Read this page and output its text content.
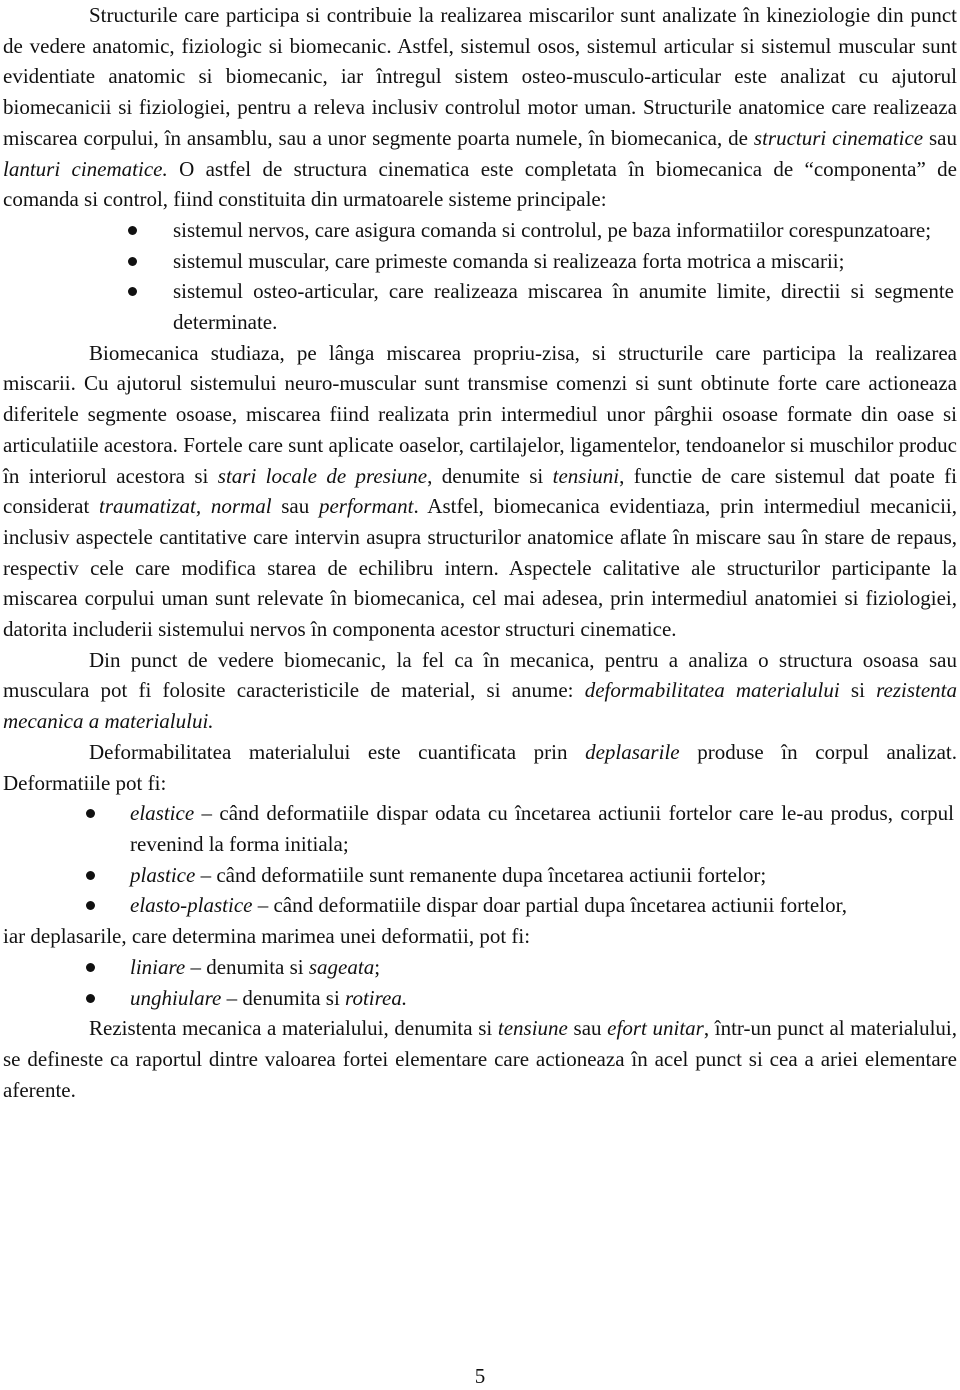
Structurile care participa si contribuie la realizarea miscarilor sunt analizate în kineziologie din punct de vedere anatomic, fiziologic si biomecanic. Astfel, sistemul osos, sistemul articular si sistemul muscular sunt evidentiate anatomic si biomecanic, iar întregul sistem osteo-musculo-articular este analizat cu ajutorul biomecanicii si fiziologiei, pentru a releva inclusiv controlul motor uman. Structurile anatomice care realizeaza miscarea corpului, în ansamblu, sau a unor segmente poarta numele, în biomecanica, de structuri cinematice sau lanturi cinematice. O astfel de structura cinematica este completata în biomecanica de “componenta” de comanda si control, fiind constituita din urmatoarele sisteme principale:

sistemul nervos, care asigura comanda si controlul, pe baza informatiilor corespunzatoare;
sistemul muscular, care primeste comanda si realizeaza forta motrica a miscarii;
sistemul osteo-articular, care realizeaza miscarea în anumite limite, directii si segmente determinate.

Biomecanica studiaza, pe lânga miscarea propriu-zisa, si structurile care participa la realizarea miscarii. Cu ajutorul sistemului neuro-muscular sunt transmise comenzi si sunt obtinute forte care actioneaza diferitele segmente osoase, miscarea fiind realizata prin intermediul unor pârghii osoase formate din oase si articulatiile acestora. Fortele care sunt aplicate oaselor, cartilajelor, ligamentelor, tendoanelor si muschilor produc în interiorul acestora si stari locale de presiune, denumite si tensiuni, functie de care sistemul dat poate fi considerat traumatizat, normal sau performant. Astfel, biomecanica evidentiaza, prin intermediul mecanicii, inclusiv aspectele cantitative care intervin asupra structurilor anatomice aflate în miscare sau în stare de repaus, respectiv cele care modifica starea de echilibru intern. Aspectele calitative ale structurilor participante la miscarea corpului uman sunt relevate în biomecanica, cel mai adesea, prin intermediul anatomiei si fiziologiei, datorita includerii sistemului nervos în componenta acestor structuri cinematice.

Din punct de vedere biomecanic, la fel ca în mecanica, pentru a analiza o structura osoasa sau musculara pot fi folosite caracteristicile de material, si anume: deformabilitatea materialului si rezistenta mecanica a materialului.

Deformabilitatea materialului este cuantificata prin deplasarile produse în corpul analizat. Deformatiile pot fi:

elastice – când deformatiile dispar odata cu încetarea actiunii fortelor care le-au produs, corpul revenind la forma initiala;
plastice – când deformatiile sunt remanente dupa încetarea actiunii fortelor;
elasto-plastice – când deformatiile dispar doar partial dupa încetarea actiunii fortelor,

iar deplasarile, care determina marimea unei deformatii, pot fi:

liniare – denumita si sageata;
unghiulare – denumita si rotirea.

Rezistenta mecanica a materialului, denumita si tensiune sau efort unitar, într-un punct al materialului, se defineste ca raportul dintre valoarea fortei elementare care actioneaza în acel punct si cea a ariei elementare aferente.

5
